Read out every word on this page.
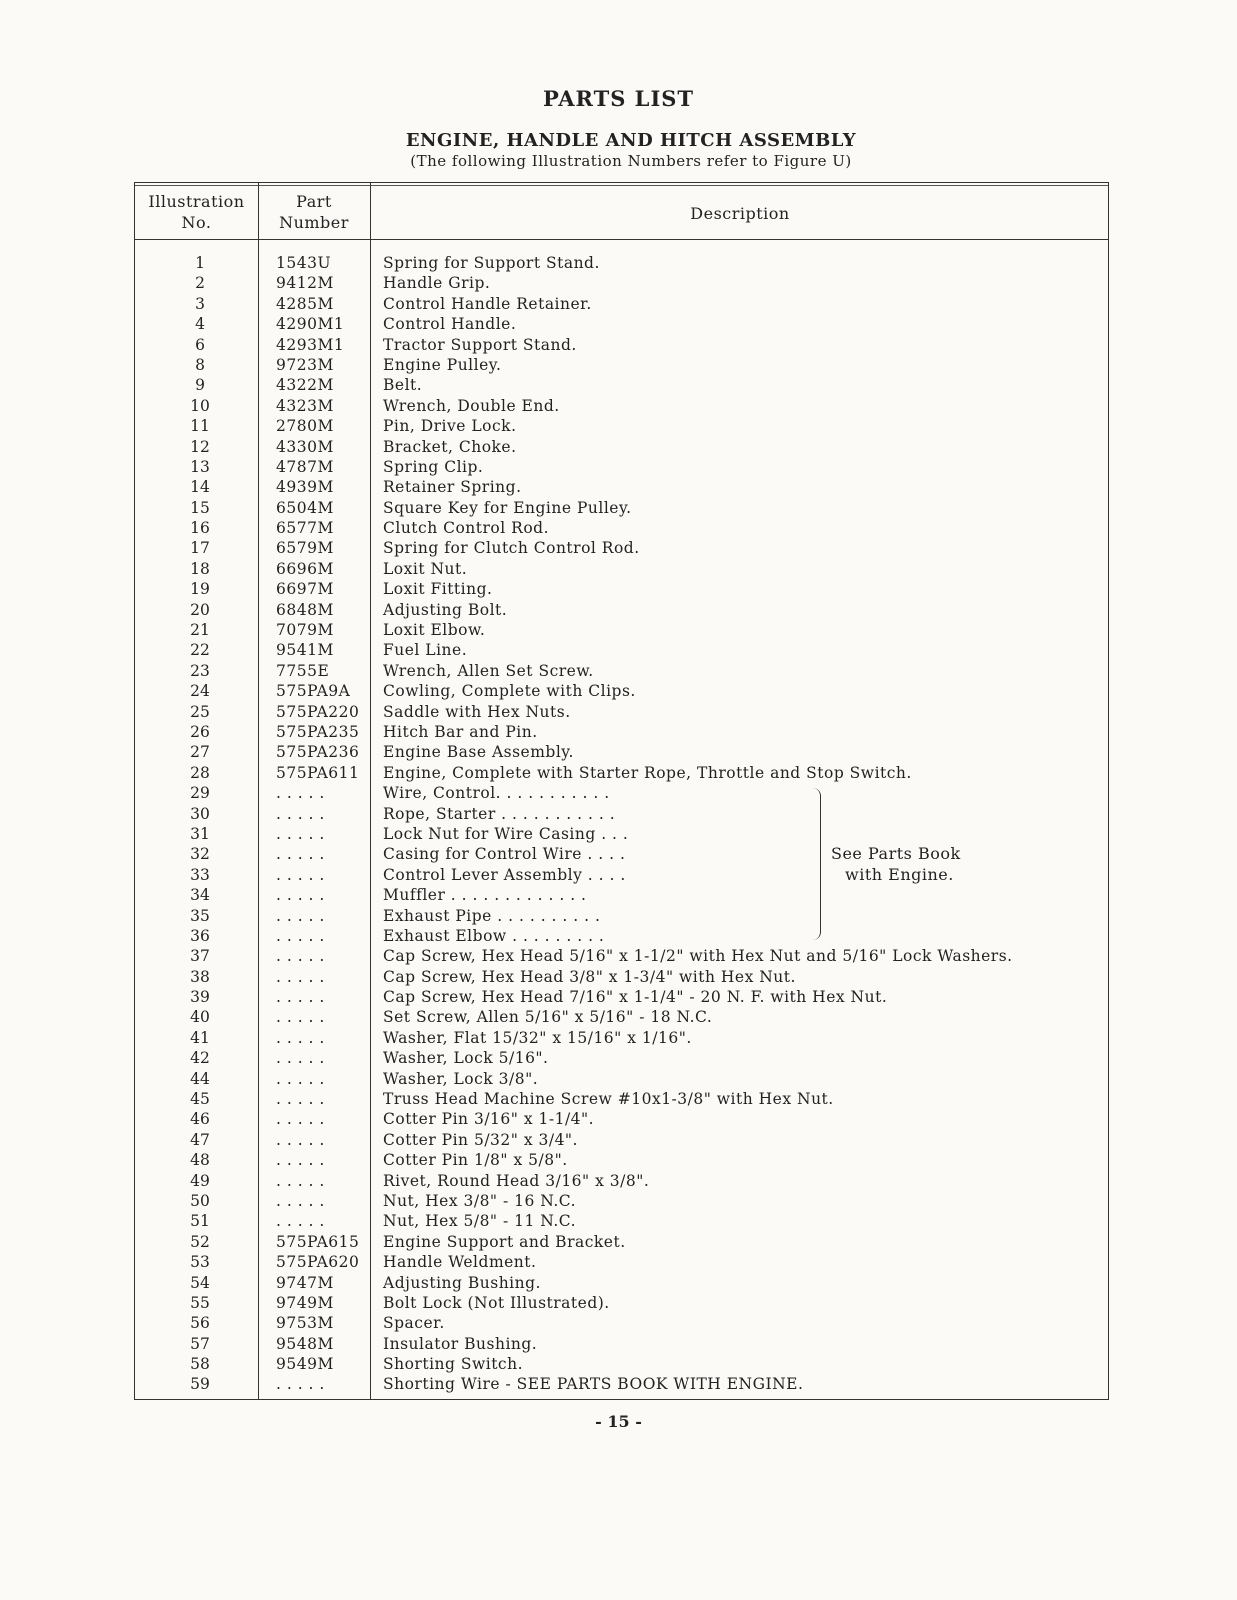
PARTS LIST
ENGINE, HANDLE AND HITCH ASSEMBLY
(The following Illustration Numbers refer to Figure U)
Illustration
No.
Part
Number	Description
1	1543U	Spring for Support Stand.
2	9412M	Handle Grip.
3	4285M	Control Handle Retainer.
4	4290M1	Control Handle.
6	4293M1	Tractor Support Stand.
8	9723M	Engine Pulley.
9	4322M	Belt.
10	4323M	Wrench, Double End.
11	2780M	Pin, Drive Lock.
12	4330M	Bracket, Choke.
13	4787M	Spring Clip.
14	4939M	Retainer Spring.
15	6504M	Square Key for Engine Pulley.
16	6577M	Clutch Control Rod.
17	6579M	Spring for Clutch Control Rod.
18	6696M	Loxit Nut.
19	6697M	Loxit Fitting.
20	6848M	Adjusting Bolt.
21	7079M	Loxit Elbow.
22	9541M	Fuel Line.
23	7755E	Wrench, Allen Set Screw.
24	575PA9A Cowling, Complete with Clips.
25	575PA220 Saddle with Hex Nuts.
26	575PA235 Hitch Bar and Pin.
27	575PA236 Engine Base Assembly.
28	575PA611 Engine, Complete with Starter Rope, Throttle and Stop Switch.
29	. . . . .	Wire, Control. . . . . . . . . . .
30	. . . . .	Rope, Starter . . . . . . . . . . .
31	. . . . .	Lock Nut for Wire Casing . . .
32	. . . . .	Casing for Control Wire . . . .
33	. . . . .	Control Lever Assembly . . . .
34	. . . . .	Muffler . . . . . . . . . . . . .
35	. . . . .	Exhaust Pipe . . . . . . . . . .
36	. . . . .	Exhaust Elbow . . . . . . . . .
37	. . . . .	Cap Screw, Hex Head 5/16" x 1-1/2" with Hex Nut and 5/16" Lock Washers.
38	. . . . .	Cap Screw, Hex Head 3/8" x 1-3/4" with Hex Nut.
39	. . . . .	Cap Screw, Hex Head 7/16" x 1-1/4" - 20 N. F. with Hex Nut.
40	. . . . .	Set Screw, Allen 5/16" x 5/16" - 18 N.C.
41	. . . . .	Washer, Flat 15/32" x 15/16" x 1/16".
42	. . . . .	Washer, Lock 5/16".
44	. . . . .	Washer, Lock 3/8".
45	. . . . .	Truss Head Machine Screw #10x1-3/8" with Hex Nut.
46	. . . . .	Cotter Pin 3/16" x 1-1/4".
47	. . . . .	Cotter Pin 5/32" x 3/4".
48	. . . . .	Cotter Pin 1/8" x 5/8".
49	. . . . .	Rivet, Round Head 3/16" x 3/8".
50	. . . . .	Nut, Hex 3/8" - 16 N.C.
51	. . . . .	Nut, Hex 5/8" - 11 N.C.
52	575PA615 Engine Support and Bracket.
53	575PA620 Handle Weldment.
54	9747M	Adjusting Bushing.
55	9749M	Bolt Lock (Not Illustrated).
56	9753M	Spacer.
57	9548M	Insulator Bushing.
58	9549M	Shorting Switch.
59	. . . . .	Shorting Wire - SEE PARTS BOOK WITH ENGINE.
See Parts Book
with Engine.
- 15 -
